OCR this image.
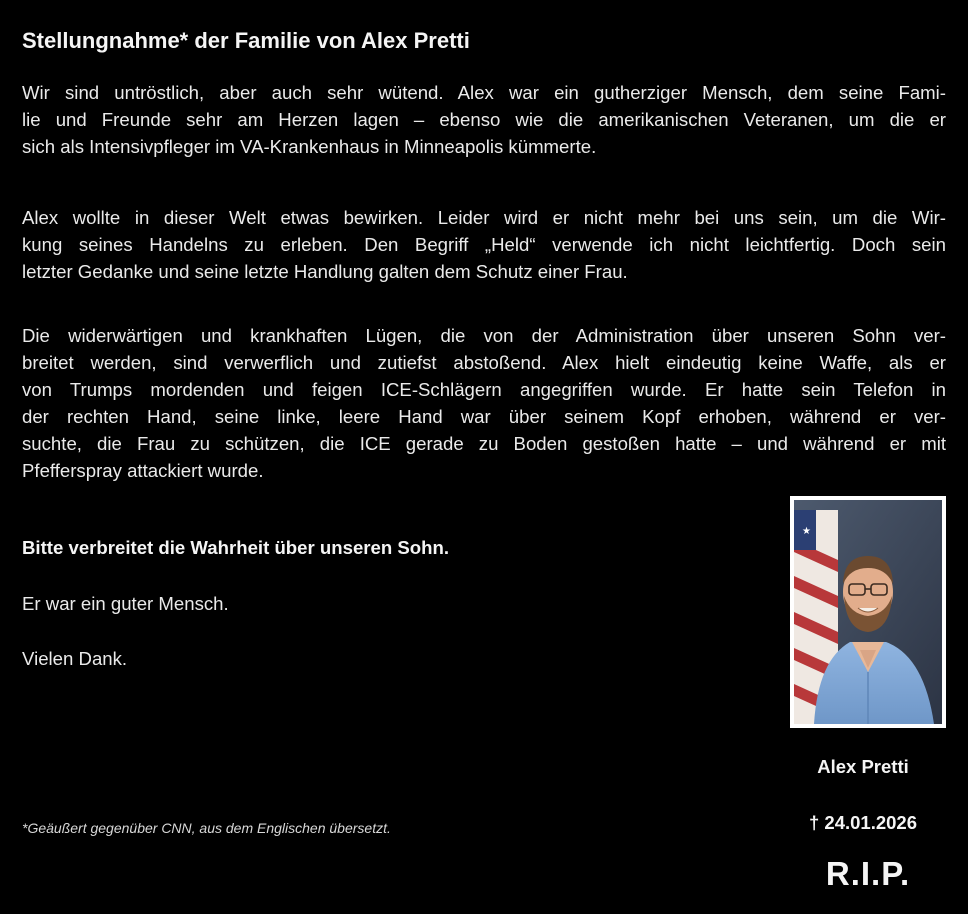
Stellungnahme* der Familie von Alex Pretti
Wir sind untröstlich, aber auch sehr wütend. Alex war ein gutherziger Mensch, dem seine Fami-
lie und Freunde sehr am Herzen lagen – ebenso wie die amerikanischen Veteranen, um die er
sich als Intensivpfleger im VA-Krankenhaus in Minneapolis kümmerte.
Alex wollte in dieser Welt etwas bewirken. Leider wird er nicht mehr bei uns sein, um die Wir-
kung seines Handelns zu erleben. Den Begriff „Held“ verwende ich nicht leichtfertig. Doch sein
letzter Gedanke und seine letzte Handlung galten dem Schutz einer Frau.
Die widerwärtigen und krankhaften Lügen, die von der Administration über unseren Sohn ver-
breitet werden, sind verwerflich und zutiefst abstoßend. Alex hielt eindeutig keine Waffe, als er
von Trumps mordenden und feigen ICE-Schlägern angegriffen wurde. Er hatte sein Telefon in
der rechten Hand, seine linke, leere Hand war über seinem Kopf erhoben, während er ver-
suchte, die Frau zu schützen, die ICE gerade zu Boden gestoßen hatte – und während er mit
Pfefferspray attackiert wurde.
Bitte verbreitet die Wahrheit über unseren Sohn.
Er war ein guter Mensch.
Vielen Dank.
*Geäußert gegenüber CNN, aus dem Englischen übersetzt.
★
Alex Pretti
† 24.01.2026
R.I.P.
